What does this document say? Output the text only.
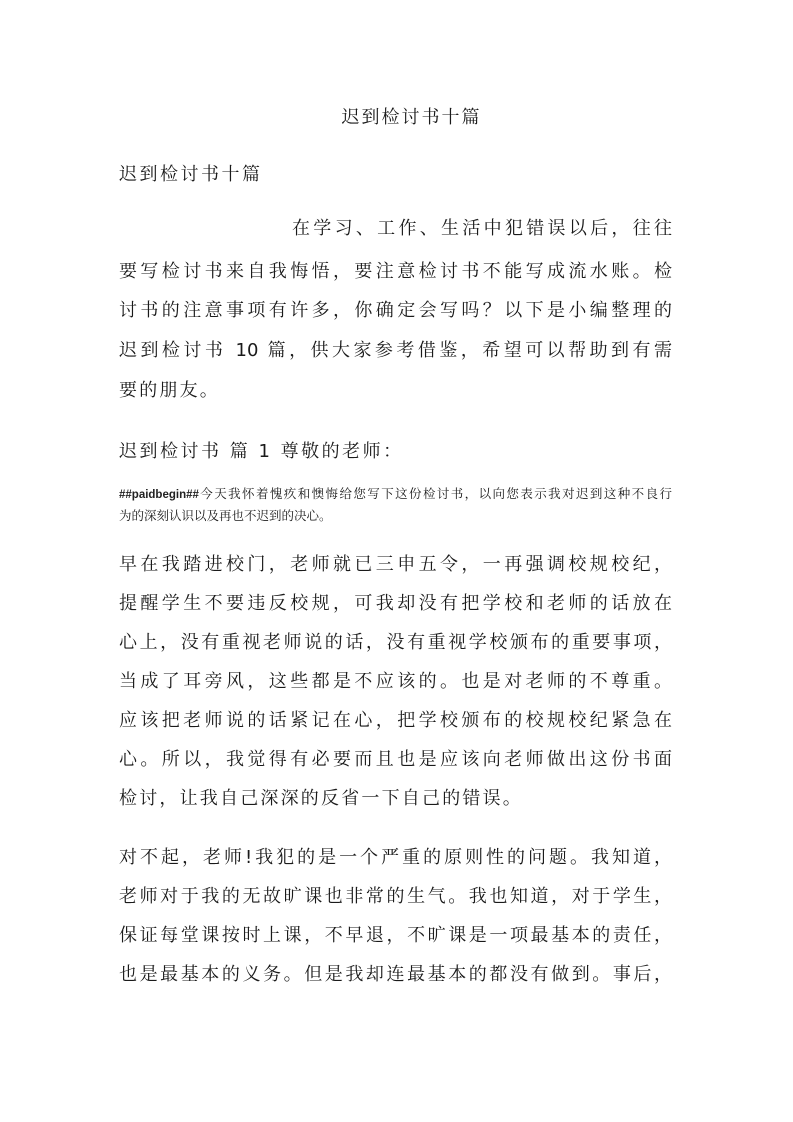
迟到检讨书十篇
迟到检讨书十篇
在学习、工作、生活中犯错误以后，往往
要写检讨书来自我悔悟，要注意检讨书不能写成流水账。检
讨书的注意事项有许多，你确定会写吗？以下是小编整理的
迟到检讨书 10 篇，供大家参考借鉴，希望可以帮助到有需
要的朋友。
迟到检讨书 篇 1 尊敬的老师：
##paidbegin##今天我怀着愧疚和懊悔给您写下这份检讨书，以向您表示我对迟到这种不良行
为的深刻认识以及再也不迟到的决心。
早在我踏进校门，老师就已三申五令，一再强调校规校纪，
提醒学生不要违反校规，可我却没有把学校和老师的话放在
心上，没有重视老师说的话，没有重视学校颁布的重要事项，
当成了耳旁风，这些都是不应该的。也是对老师的不尊重。
应该把老师说的话紧记在心，把学校颁布的校规校纪紧急在
心。所以，我觉得有必要而且也是应该向老师做出这份书面
检讨，让我自己深深的反省一下自己的错误。
对不起，老师!我犯的是一个严重的原则性的问题。我知道，
老师对于我的无故旷课也非常的生气。我也知道，对于学生，
保证每堂课按时上课，不早退，不旷课是一项最基本的责任，
也是最基本的义务。但是我却连最基本的都没有做到。事后，
